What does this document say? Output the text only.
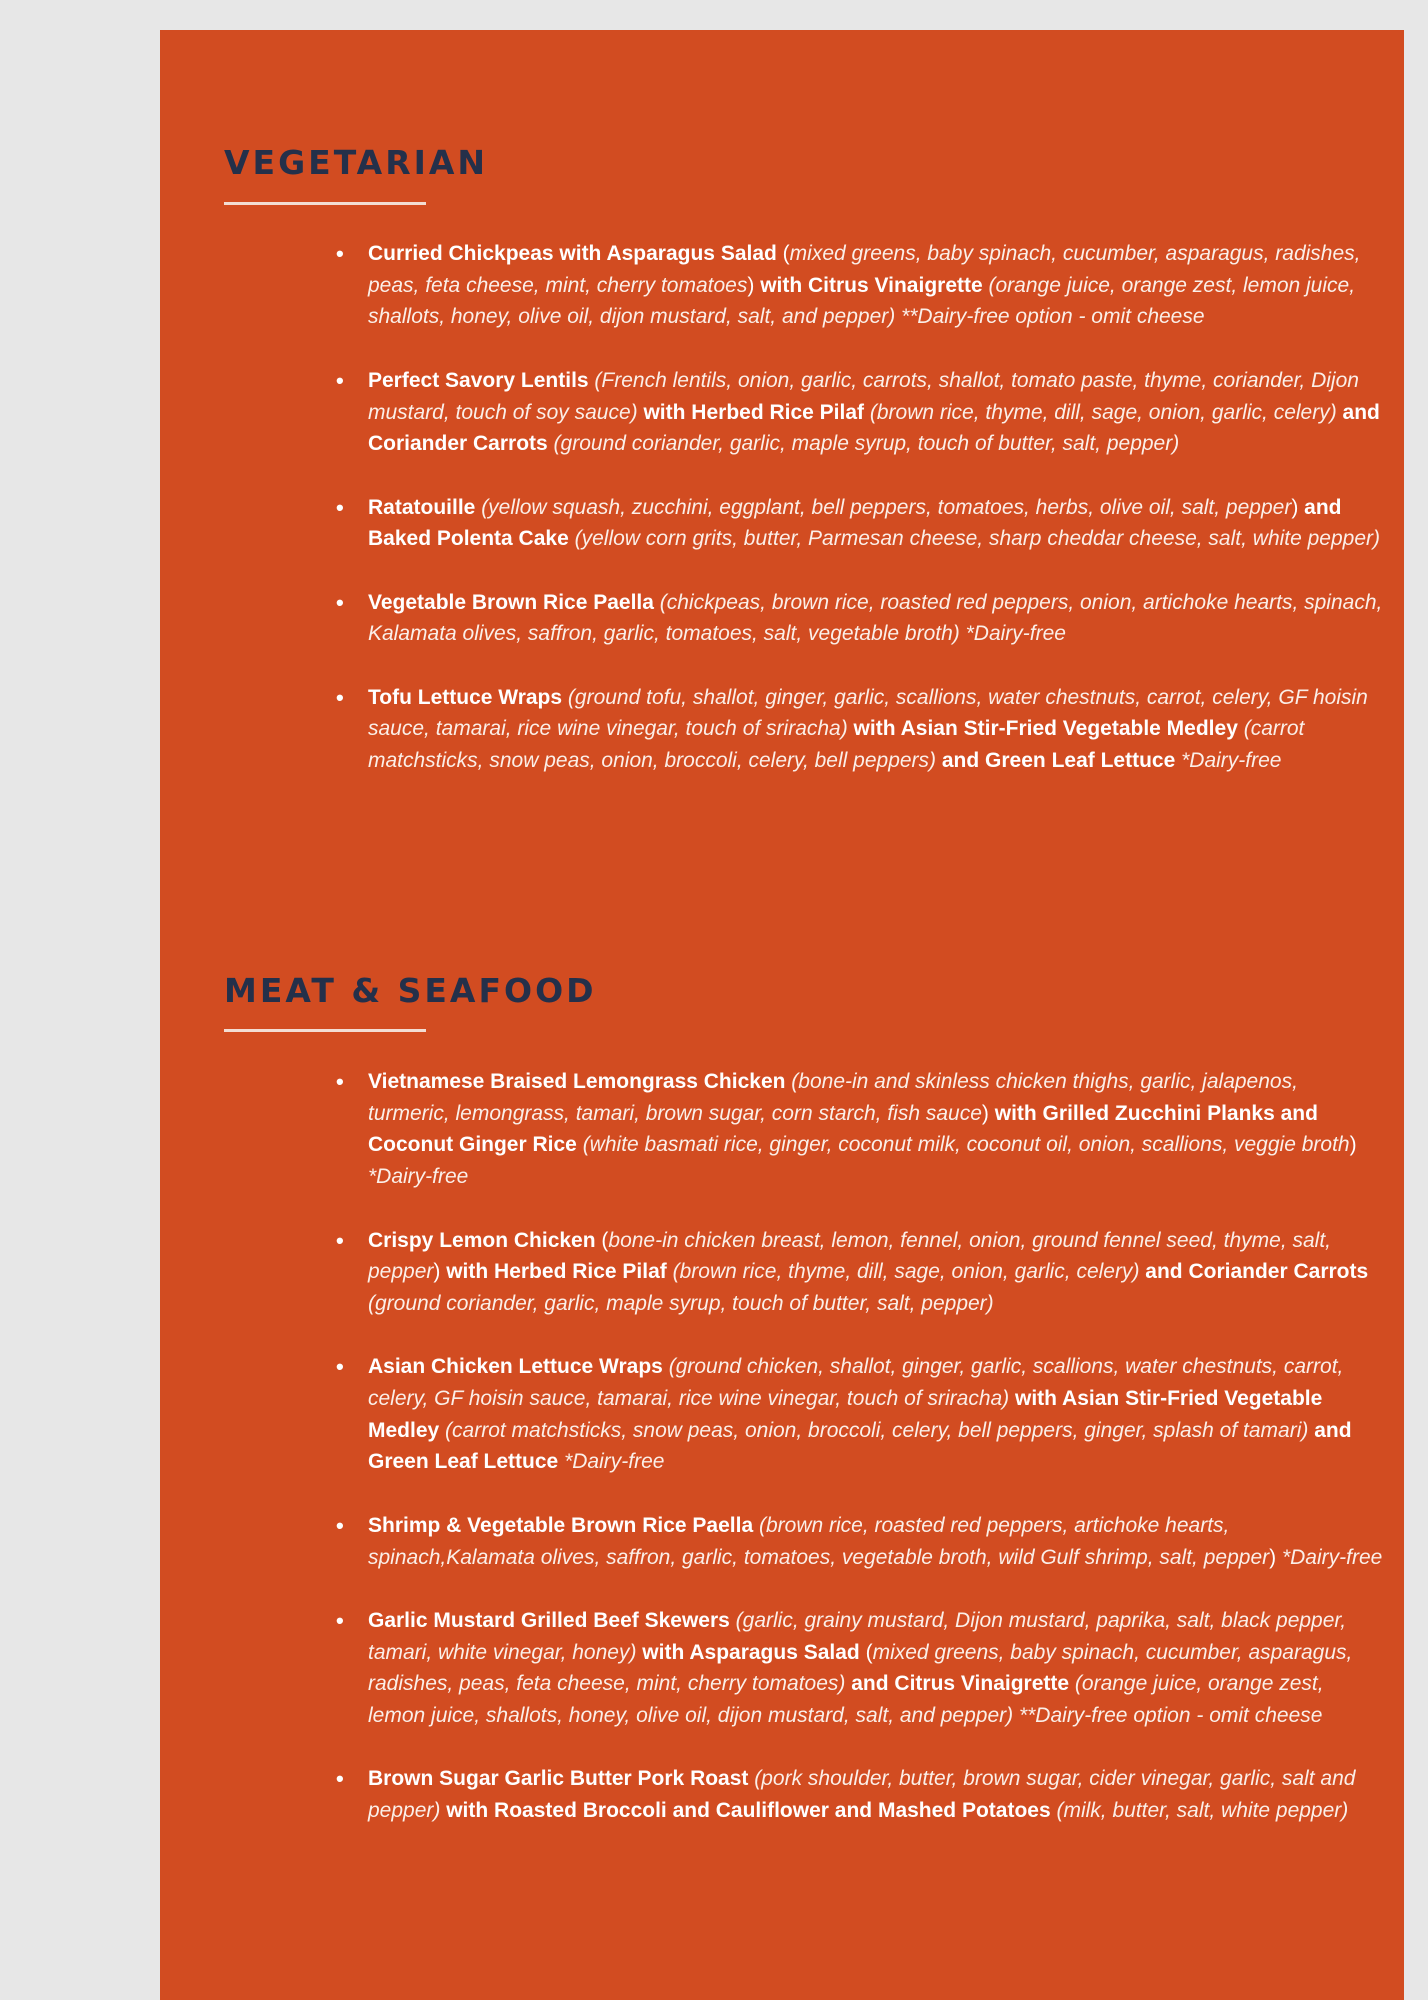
VEGETARIAN
• Curried Chickpeas with Asparagus Salad (mixed greens, baby spinach, cucumber, asparagus, radishes, peas, feta cheese, mint, cherry tomatoes) with Citrus Vinaigrette (orange juice, orange zest, lemon juice, shallots, honey, olive oil, dijon mustard, salt, and pepper) **Dairy-free option - omit cheese
• Perfect Savory Lentils (French lentils, onion, garlic, carrots, shallot, tomato paste, thyme, coriander, Dijon mustard, touch of soy sauce) with Herbed Rice Pilaf (brown rice, thyme, dill, sage, onion, garlic, celery) and Coriander Carrots (ground coriander, garlic, maple syrup, touch of butter, salt, pepper)
• Ratatouille (yellow squash, zucchini, eggplant, bell peppers, tomatoes, herbs, olive oil, salt, pepper) and Baked Polenta Cake (yellow corn grits, butter, Parmesan cheese, sharp cheddar cheese, salt, white pepper)
• Vegetable Brown Rice Paella (chickpeas, brown rice, roasted red peppers, onion, artichoke hearts, spinach, Kalamata olives, saffron, garlic, tomatoes, salt, vegetable broth) *Dairy-free
• Tofu Lettuce Wraps (ground tofu, shallot, ginger, garlic, scallions, water chestnuts, carrot, celery, GF hoisin sauce, tamarai, rice wine vinegar, touch of sriracha) with Asian Stir-Fried Vegetable Medley (carrot matchsticks, snow peas, onion, broccoli, celery, bell peppers) and Green Leaf Lettuce *Dairy-free
MEAT & SEAFOOD
• Vietnamese Braised Lemongrass Chicken (bone-in and skinless chicken thighs, garlic, jalapenos, turmeric, lemongrass, tamari, brown sugar, corn starch, fish sauce) with Grilled Zucchini Planks and Coconut Ginger Rice (white basmati rice, ginger, coconut milk, coconut oil, onion, scallions, veggie broth) *Dairy-free
• Crispy Lemon Chicken (bone-in chicken breast, lemon, fennel, onion, ground fennel seed, thyme, salt, pepper) with Herbed Rice Pilaf (brown rice, thyme, dill, sage, onion, garlic, celery) and Coriander Carrots (ground coriander, garlic, maple syrup, touch of butter, salt, pepper)
• Asian Chicken Lettuce Wraps (ground chicken, shallot, ginger, garlic, scallions, water chestnuts, carrot, celery, GF hoisin sauce, tamarai, rice wine vinegar, touch of sriracha) with Asian Stir-Fried Vegetable Medley (carrot matchsticks, snow peas, onion, broccoli, celery, bell peppers, ginger, splash of tamari) and Green Leaf Lettuce *Dairy-free
• Shrimp & Vegetable Brown Rice Paella (brown rice, roasted red peppers, artichoke hearts, spinach,Kalamata olives, saffron, garlic, tomatoes, vegetable broth, wild Gulf shrimp, salt, pepper) *Dairy-free
• Garlic Mustard Grilled Beef Skewers (garlic, grainy mustard, Dijon mustard, paprika, salt, black pepper, tamari, white vinegar, honey) with Asparagus Salad (mixed greens, baby spinach, cucumber, asparagus, radishes, peas, feta cheese, mint, cherry tomatoes) and Citrus Vinaigrette (orange juice, orange zest, lemon juice, shallots, honey, olive oil, dijon mustard, salt, and pepper) **Dairy-free option - omit cheese
• Brown Sugar Garlic Butter Pork Roast (pork shoulder, butter, brown sugar, cider vinegar, garlic, salt and pepper) with Roasted Broccoli and Cauliflower and Mashed Potatoes (milk, butter, salt, white pepper)
